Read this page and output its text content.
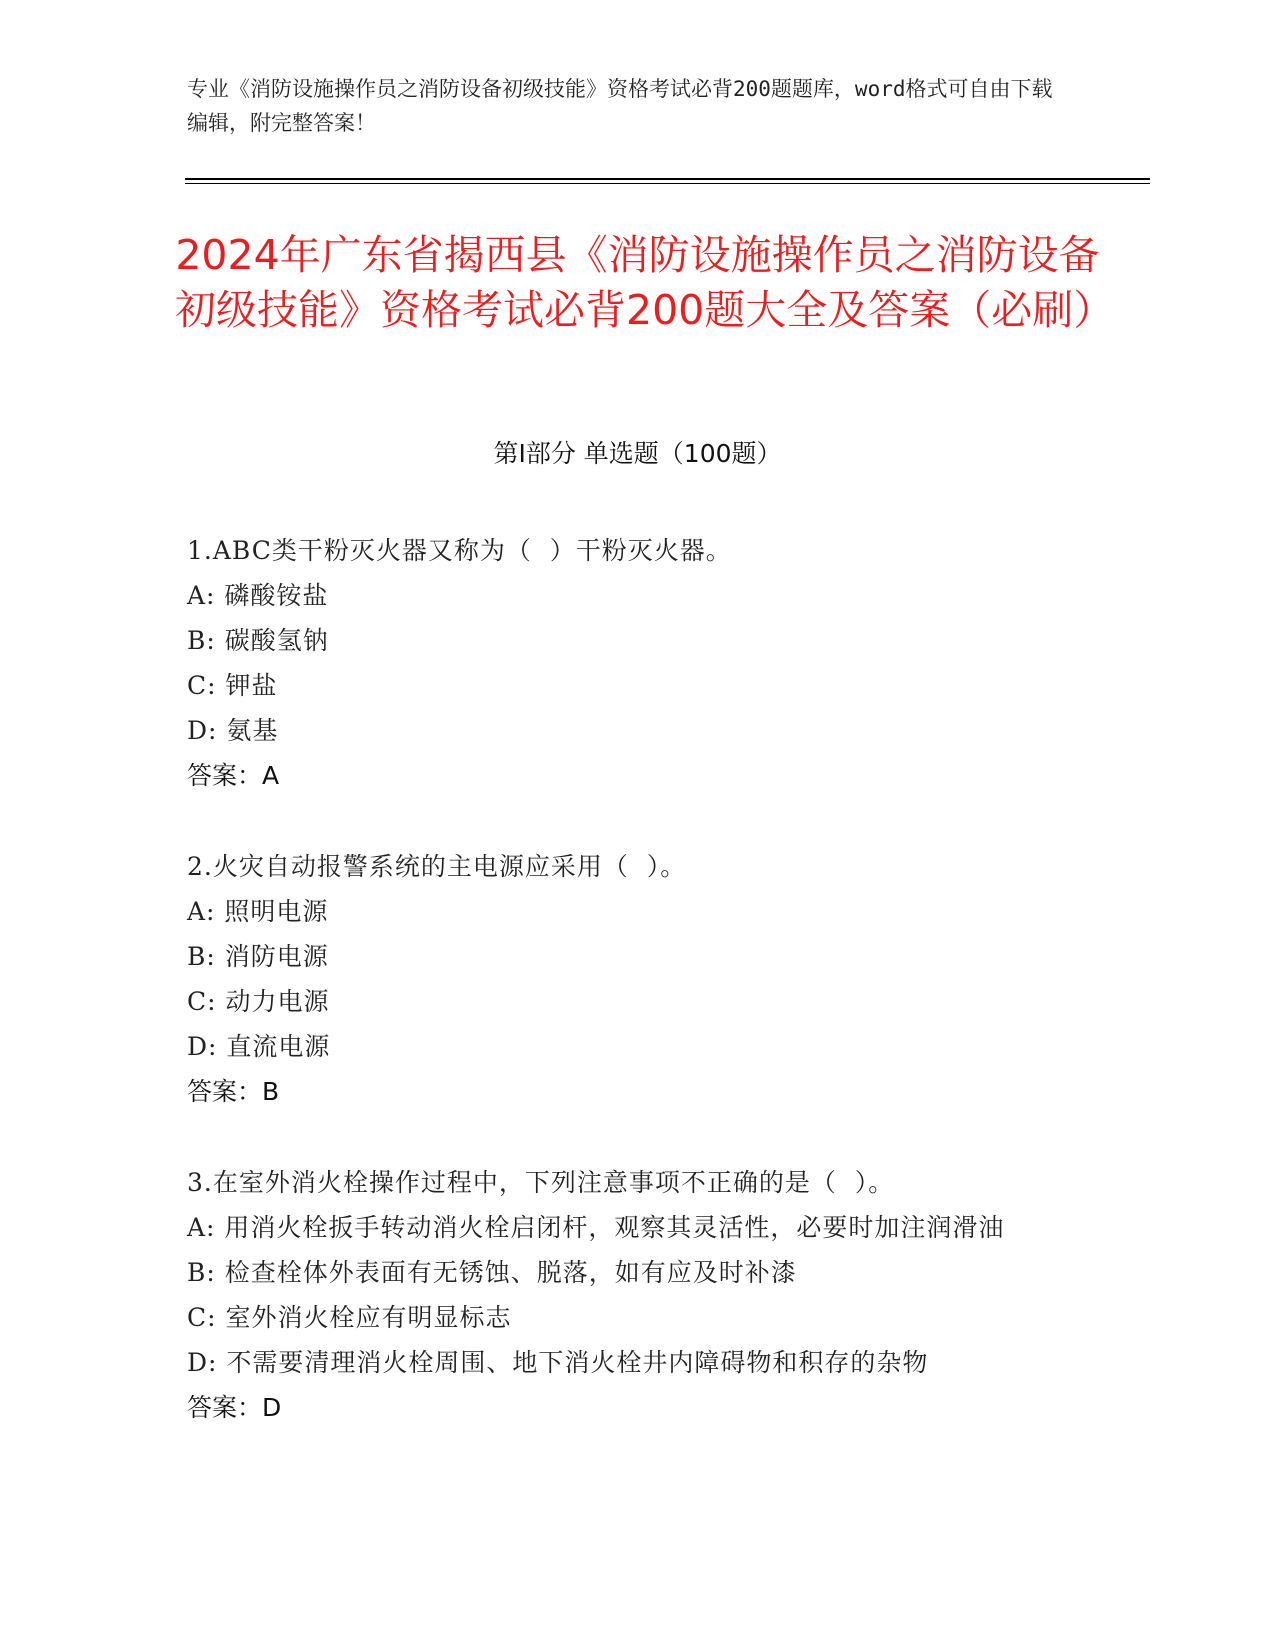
专业《消防设施操作员之消防设备初级技能》资格考试必背200题题库，word格式可自由下载编辑，附完整答案！
2024年广东省揭西县《消防设施操作员之消防设备初级技能》资格考试必背200题大全及答案（必刷）
第I部分 单选题（100题）
1.ABC类干粉灭火器又称为（  ）干粉灭火器。
A: 磷酸铵盐
B: 碳酸氢钠
C: 钾盐
D: 氨基
答案：A
2.火灾自动报警系统的主电源应采用（  ）。
A: 照明电源
B: 消防电源
C: 动力电源
D: 直流电源
答案：B
3.在室外消火栓操作过程中，下列注意事项不正确的是（  ）。
A: 用消火栓扳手转动消火栓启闭杆，观察其灵活性，必要时加注润滑油
B: 检查栓体外表面有无锈蚀、脱落，如有应及时补漆
C: 室外消火栓应有明显标志
D: 不需要清理消火栓周围、地下消火栓井内障碍物和积存的杂物
答案：D
